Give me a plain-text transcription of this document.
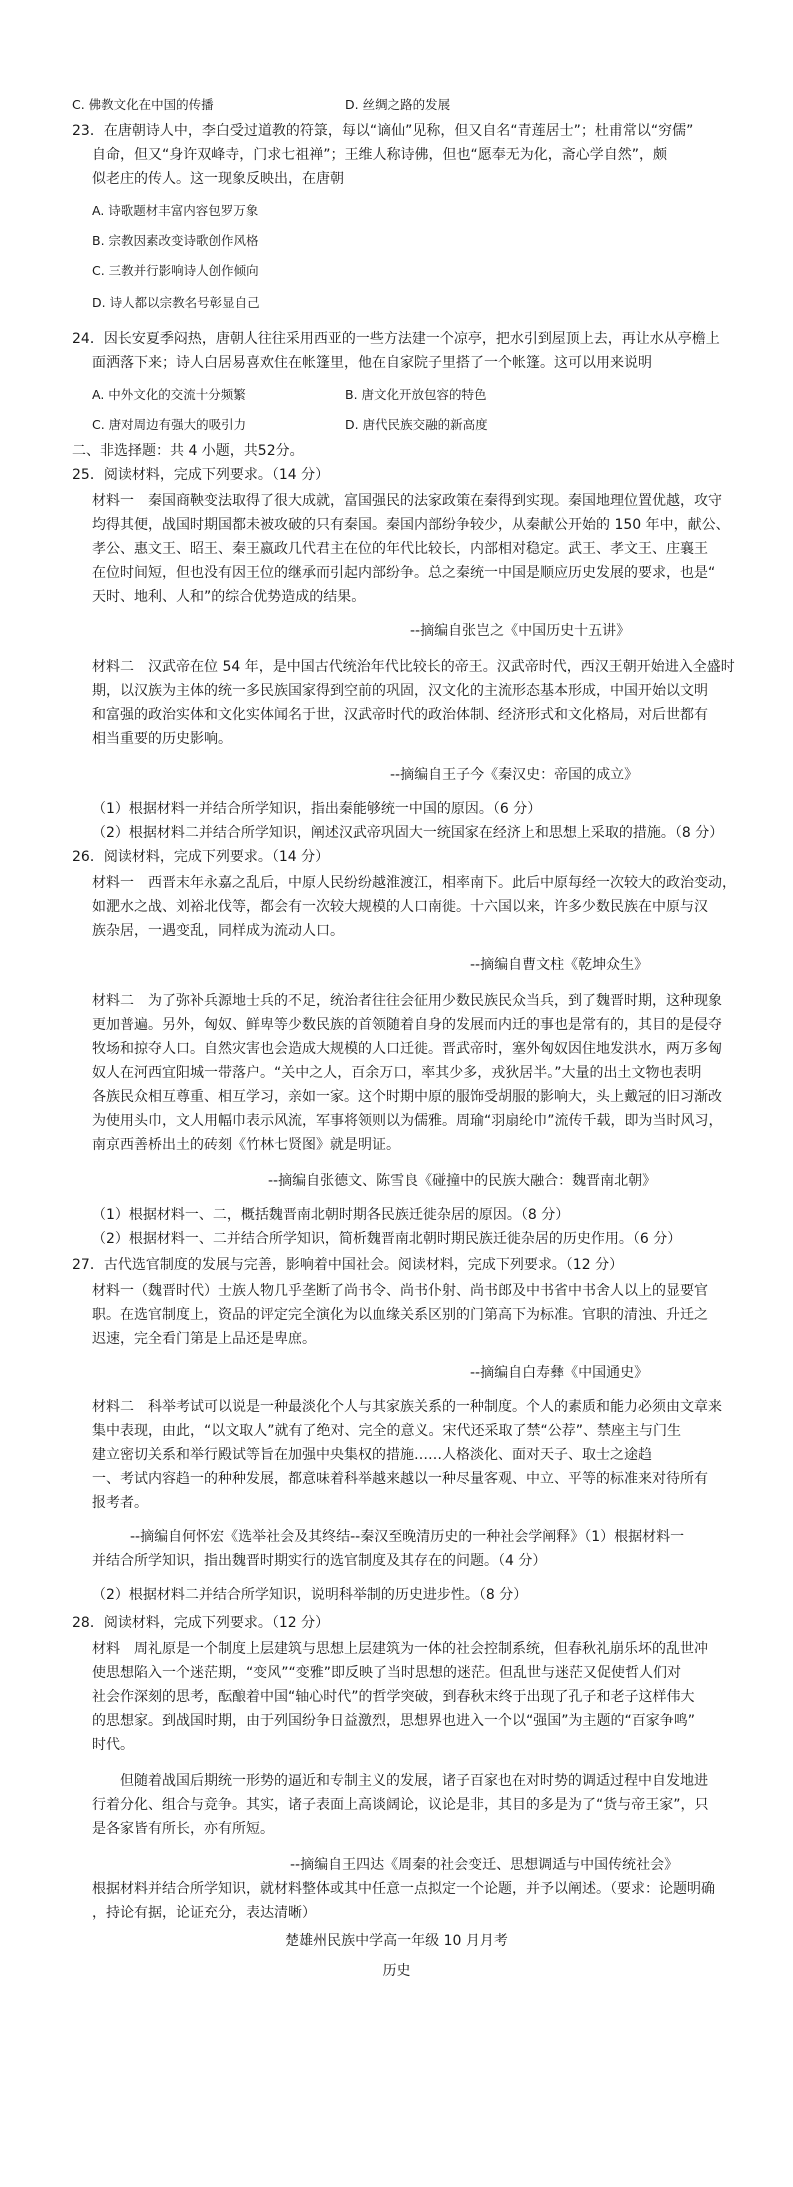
C. 佛教文化在中国的传播	D. 丝绸之路的发展
23．在唐朝诗人中，李白受过道教的符箓，每以“谪仙”见称，但又自名“青莲居士”；杜甫常以“穷儒”
自命，但又“身许双峰寺，门求七祖禅”；王维人称诗佛，但也“愿奉无为化，斋心学自然”，颇
似老庄的传人。这一现象反映出，在唐朝
A. 诗歌题材丰富内容包罗万象
B. 宗教因素改变诗歌创作风格
C. 三教并行影响诗人创作倾向
D. 诗人都以宗教名号彰显自己
24．因长安夏季闷热，唐朝人往往采用西亚的一些方法建一个凉亭，把水引到屋顶上去，再让水从亭檐上
面洒落下来；诗人白居易喜欢住在帐篷里，他在自家院子里搭了一个帐篷。这可以用来说明
A. 中外文化的交流十分频繁	B. 唐文化开放包容的特色
C. 唐对周边有强大的吸引力	D. 唐代民族交融的新高度
二、非选择题：共 4 小题，共52分。
25．阅读材料，完成下列要求。（14 分）
材料一　秦国商鞅变法取得了很大成就，富国强民的法家政策在秦得到实现。秦国地理位置优越，攻守
均得其便，战国时期国都未被攻破的只有秦国。秦国内部纷争较少，从秦献公开始的 150 年中，献公、
孝公、惠文王、昭王、秦王嬴政几代君主在位的年代比较长，内部相对稳定。武王、孝文王、庄襄王
在位时间短，但也没有因王位的继承而引起内部纷争。总之秦统一中国是顺应历史发展的要求，也是“
天时、地利、人和”的综合优势造成的结果。
--摘编自张岂之《中国历史十五讲》
材料二　汉武帝在位 54 年，是中国古代统治年代比较长的帝王。汉武帝时代，西汉王朝开始进入全盛时
期，以汉族为主体的统一多民族国家得到空前的巩固，汉文化的主流形态基本形成，中国开始以文明
和富强的政治实体和文化实体闻名于世，汉武帝时代的政治体制、经济形式和文化格局，对后世都有
相当重要的历史影响。
--摘编自王子今《秦汉史：帝国的成立》
（1）根据材料一并结合所学知识，指出秦能够统一中国的原因。（6 分）
（2）根据材料二并结合所学知识，阐述汉武帝巩固大一统国家在经济上和思想上采取的措施。（8 分）
26．阅读材料，完成下列要求。（14 分）
材料一　西晋末年永嘉之乱后，中原人民纷纷越淮渡江，相率南下。此后中原每经一次较大的政治变动，
如淝水之战、刘裕北伐等，都会有一次较大规模的人口南徙。十六国以来，许多少数民族在中原与汉
族杂居，一遇变乱，同样成为流动人口。
--摘编自曹文柱《乾坤众生》
材料二　为了弥补兵源地士兵的不足，统治者往往会征用少数民族民众当兵，到了魏晋时期，这种现象
更加普遍。另外，匈奴、鲜卑等少数民族的首领随着自身的发展而内迁的事也是常有的，其目的是侵夺
牧场和掠夺人口。自然灾害也会造成大规模的人口迁徙。晋武帝时，塞外匈奴因住地发洪水，两万多匈
奴人在河西宜阳城一带落户。“关中之人，百余万口，率其少多，戎狄居半。”大量的出土文物也表明
各族民众相互尊重、相互学习，亲如一家。这个时期中原的服饰受胡服的影响大，头上戴冠的旧习渐改
为使用头巾，文人用幅巾表示风流，军事将领则以为儒雅。周瑜“羽扇纶巾”流传千载，即为当时风习，
南京西善桥出土的砖刻《竹林七贤图》就是明证。
--摘编自张德文、陈雪良《碰撞中的民族大融合：魏晋南北朝》
（1）根据材料一、二，概括魏晋南北朝时期各民族迁徙杂居的原因。（8 分）
（2）根据材料一、二并结合所学知识，简析魏晋南北朝时期民族迁徙杂居的历史作用。（6 分）
27．古代选官制度的发展与完善，影响着中国社会。阅读材料，完成下列要求。（12 分）
材料一（魏晋时代）士族人物几乎垄断了尚书令、尚书仆射、尚书郎及中书省中书舍人以上的显要官
职。在选官制度上，资品的评定完全演化为以血缘关系区别的门第高下为标准。官职的清浊、升迁之
迟速，完全看门第是上品还是卑庶。
--摘编自白寿彝《中国通史》
材料二　科举考试可以说是一种最淡化个人与其家族关系的一种制度。个人的素质和能力必须由文章来
集中表现，由此，“以文取人”就有了绝对、完全的意义。宋代还采取了禁“公荐”、禁座主与门生
建立密切关系和举行殿试等旨在加强中央集权的措施……人格淡化、面对天子、取士之途趋
一、考试内容趋一的种种发展，都意味着科举越来越以一种尽量客观、中立、平等的标准来对待所有
报考者。
--摘编自何怀宏《选举社会及其终结--秦汉至晚清历史的一种社会学阐释》（1）根据材料一
并结合所学知识，指出魏晋时期实行的选官制度及其存在的问题。（4 分）
（2）根据材料二并结合所学知识，说明科举制的历史进步性。（8 分）
28．阅读材料，完成下列要求。（12 分）
材料　周礼原是一个制度上层建筑与思想上层建筑为一体的社会控制系统，但春秋礼崩乐坏的乱世冲
使思想陷入一个迷茫期，“变风”“变雅”即反映了当时思想的迷茫。但乱世与迷茫又促使哲人们对
社会作深刻的思考，酝酿着中国“轴心时代”的哲学突破，到春秋末终于出现了孔子和老子这样伟大
的思想家。到战国时期，由于列国纷争日益激烈，思想界也进入一个以“强国”为主题的“百家争鸣”
时代。
　　但随着战国后期统一形势的逼近和专制主义的发展，诸子百家也在对时势的调适过程中自发地进
行着分化、组合与竞争。其实，诸子表面上高谈阔论，议论是非，其目的多是为了“货与帝王家”，只
是各家皆有所长，亦有所短。
--摘编自王四达《周秦的社会变迁、思想调适与中国传统社会》
根据材料并结合所学知识，就材料整体或其中任意一点拟定一个论题，并予以阐述。（要求：论题明确
，持论有据，论证充分，表达清晰）
楚雄州民族中学高一年级 10 月月考
历史
